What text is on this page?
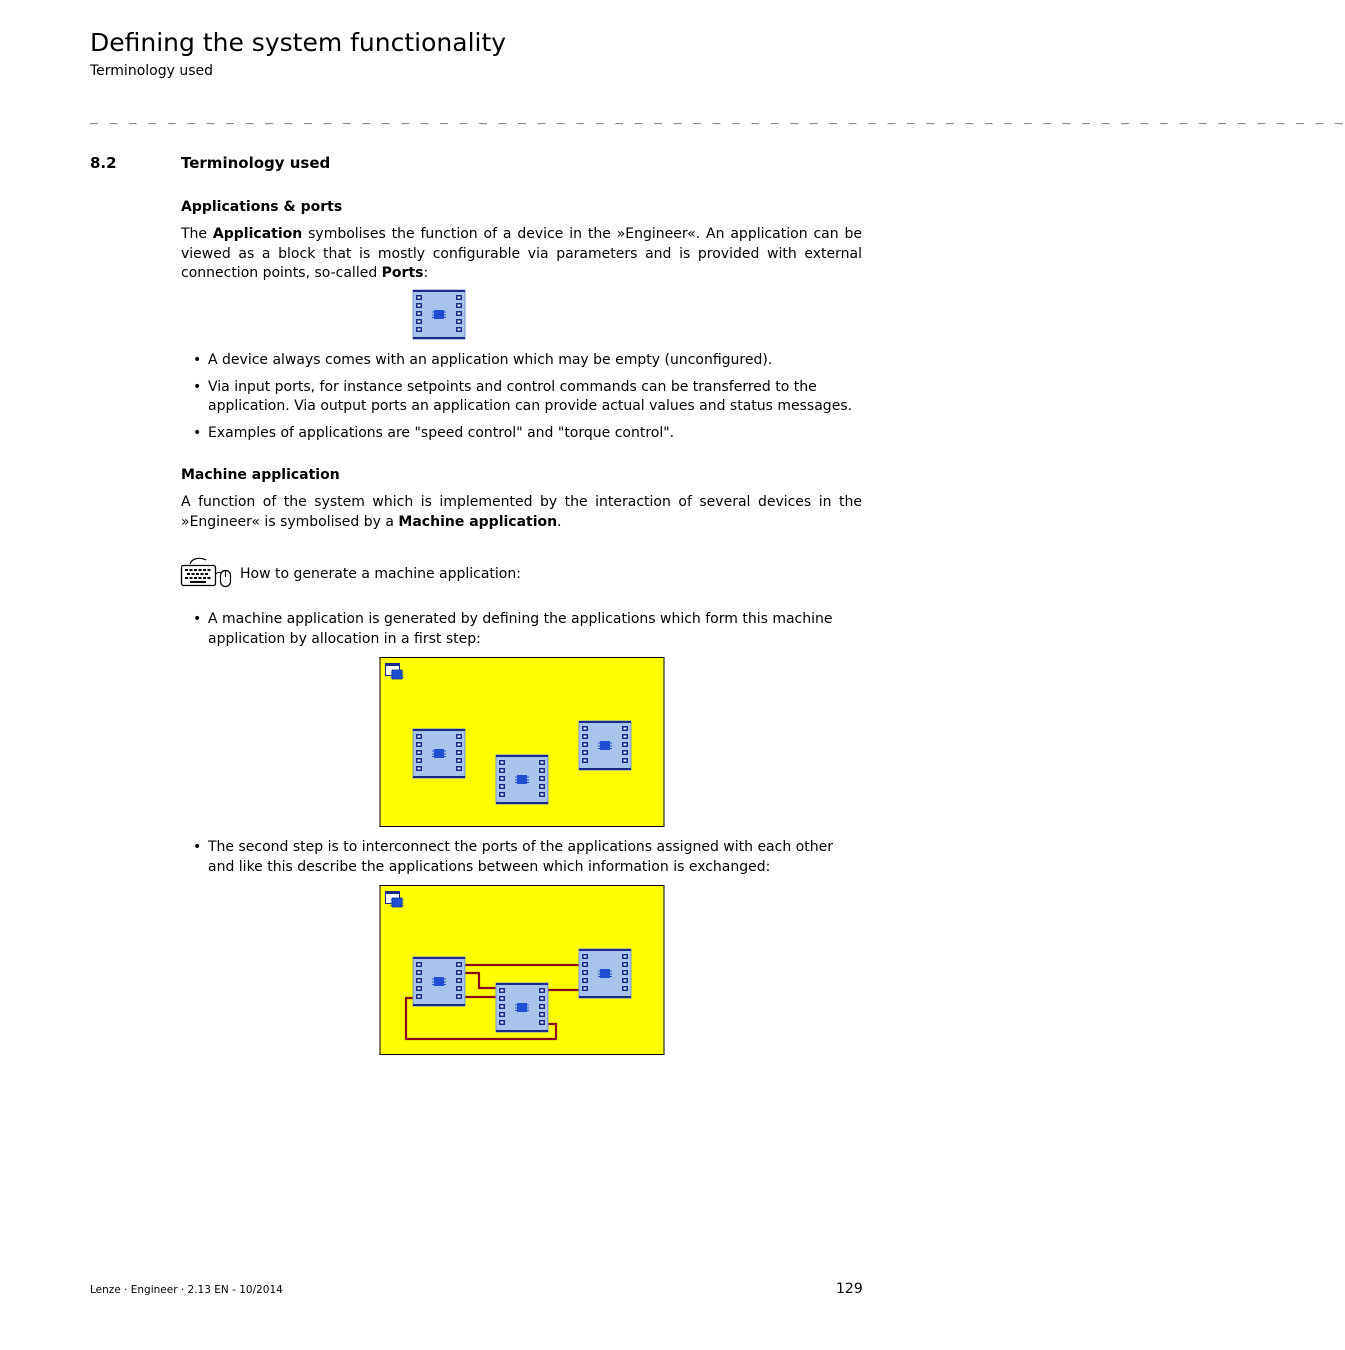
Defining the system functionality
Terminology used
_ _ _ _ _ _ _ _ _ _ _ _ _ _ _ _ _ _ _ _ _ _ _ _ _ _ _ _ _ _ _ _ _ _ _ _ _ _ _ _ _ _ _ _ _ _ _ _ _ _ _ _ _ _ _ _ _ _ _ _ _ _ _ _ _
8.2	Terminology used
Applications & ports
The Application symbolises the function of a device in the »Engineer«. An application can be viewed as a block that is mostly configurable via parameters and is provided with external connection points, so-called Ports:
• A device always comes with an application which may be empty (unconfigured).
• Via input ports, for instance setpoints and control commands can be transferred to the application. Via output ports an application can provide actual values and status messages.
• Examples of applications are "speed control" and "torque control".
Machine application
A function of the system which is implemented by the interaction of several devices in the »Engineer« is symbolised by a Machine application.
How to generate a machine application:
• A machine application is generated by defining the applications which form this machine application by allocation in a first step:
• The second step is to interconnect the ports of the applications assigned with each other and like this describe the applications between which information is exchanged:
Lenze · Engineer · 2.13 EN - 10/2014	129
